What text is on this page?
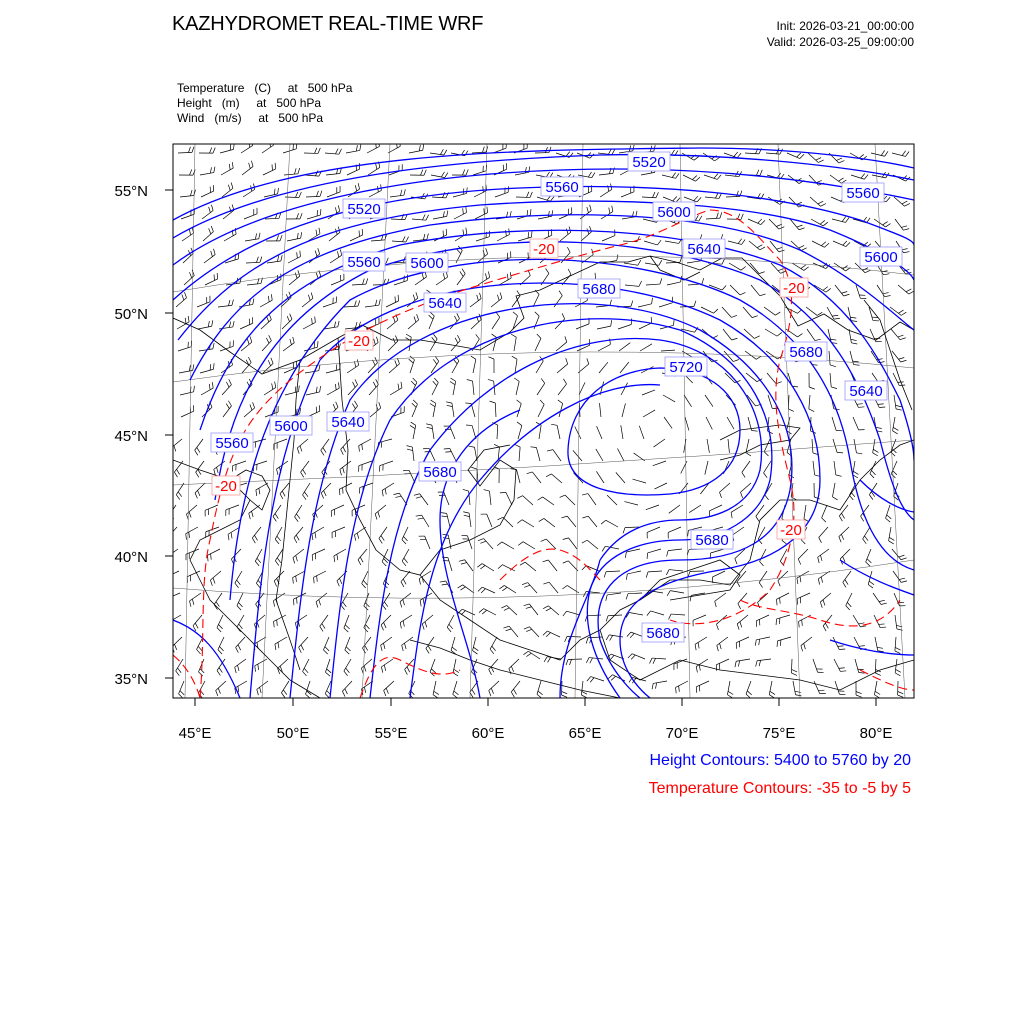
KAZHYDROMET REAL-TIME WRF	Init: 2026-03-21_00:00:00
Valid: 2026-03-25_09:00:00
Temperature   (C)     at   500 hPa
Height   (m)     at   500 hPa
Wind   (m/s)     at   500 hPa
45°E	50°E	55°E	60°E	65°E	70°E	75°E	80°E
55°N
50°N
45°N
40°N
35°N
5520
5560
5520	5600
5640
5560
5560 5600	5600
5680
5640
5680
5720
5640
5560
5600 5640
5680
5680
5680
-20
-20
-20
-20
-20
Height Contours: 5400 to 5760 by 20
Temperature Contours: -35 to -5 by 5
